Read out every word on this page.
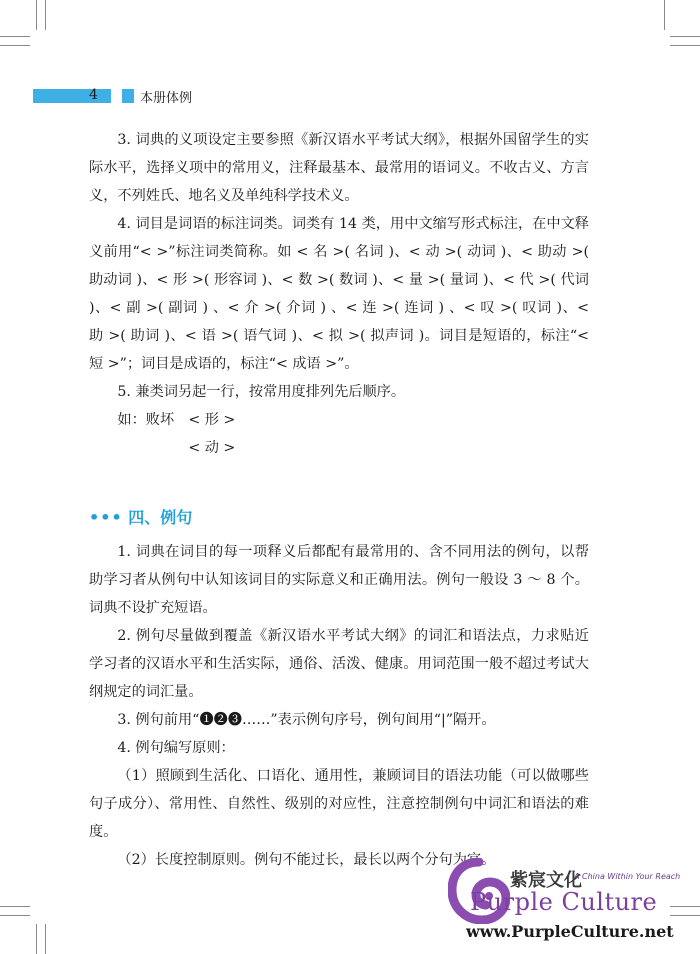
4	本册体例

3. 词典的义项设定主要参照《新汉语水平考试大纲》，根据外国留学生的实际水平，选择义项中的常用义，注释最基本、最常用的语词义。不收古义、方言义，不列姓氏、地名义及单纯科学技术义。

4. 词目是词语的标注词类。词类有 14 类，用中文缩写形式标注，在中文释义前用“< >”标注词类简称。如 < 名 >( 名词 )、< 动 >( 动词 )、< 助动 >( 助动词 )、< 形 >( 形容词 )、< 数 >( 数词 )、< 量 >( 量词 )、< 代 >( 代词 )、< 副 >( 副词 ) 、< 介 >( 介词 ) 、< 连 >( 连词 ) 、< 叹 >( 叹词 )、< 助 >( 助词 )、< 语 >( 语气词 )、< 拟 >( 拟声词 )。词目是短语的，标注“< 短 >”；词目是成语的，标注“< 成语 >”。

5. 兼类词另起一行，按常用度排列先后顺序。

如：败坏　< 形 >
　　　　　< 动 >
••• 四、例句

1. 词典在词目的每一项释义后都配有最常用的、含不同用法的例句，以帮助学习者从例句中认知该词目的实际意义和正确用法。例句一般设 3 ～ 8 个。词典不设扩充短语。

2. 例句尽量做到覆盖《新汉语水平考试大纲》的词汇和语法点，力求贴近学习者的汉语水平和生活实际，通俗、活泼、健康。用词范围一般不超过考试大纲规定的词汇量。

3. 例句前用“❶❷❸……”表示例句序号，例句间用“|”隔开。

4. 例句编写原则：

（1）照顾到生活化、口语化、通用性，兼顾词目的语法功能（可以做哪些句子成分）、常用性、自然性、级别的对应性，注意控制例句中词汇和语法的难度。

（2）长度控制原则。例句不能过长，最长以两个分句为宜。

紫宸文化
A China Within Your Reach
Purple Culture
www.PurpleCulture.net
